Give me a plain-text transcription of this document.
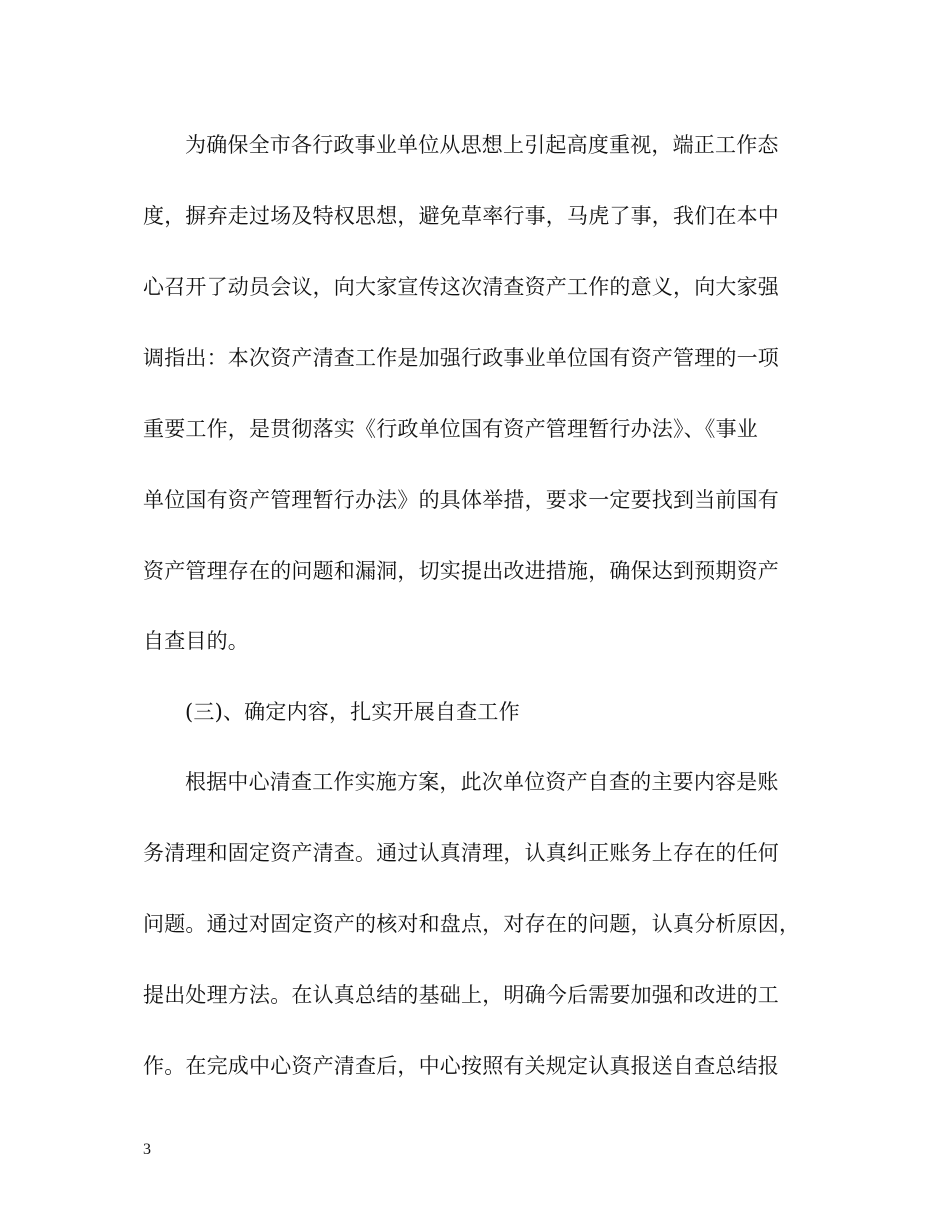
为确保全市各行政事业单位从思想上引起高度重视，端正工作态
度，摒弃走过场及特权思想，避免草率行事，马虎了事，我们在本中
心召开了动员会议，向大家宣传这次清查资产工作的意义，向大家强
调指出：本次资产清查工作是加强行政事业单位国有资产管理的一项
重要工作，是贯彻落实《行政单位国有资产管理暂行办法》、《事业
单位国有资产管理暂行办法》的具体举措，要求一定要找到当前国有
资产管理存在的问题和漏洞，切实提出改进措施，确保达到预期资产
自查目的。
(三)、确定内容，扎实开展自查工作
根据中心清查工作实施方案，此次单位资产自查的主要内容是账
务清理和固定资产清查。通过认真清理，认真纠正账务上存在的任何
问题。通过对固定资产的核对和盘点，对存在的问题，认真分析原因，
提出处理方法。在认真总结的基础上，明确今后需要加强和改进的工
作。在完成中心资产清查后，中心按照有关规定认真报送自查总结报
3
